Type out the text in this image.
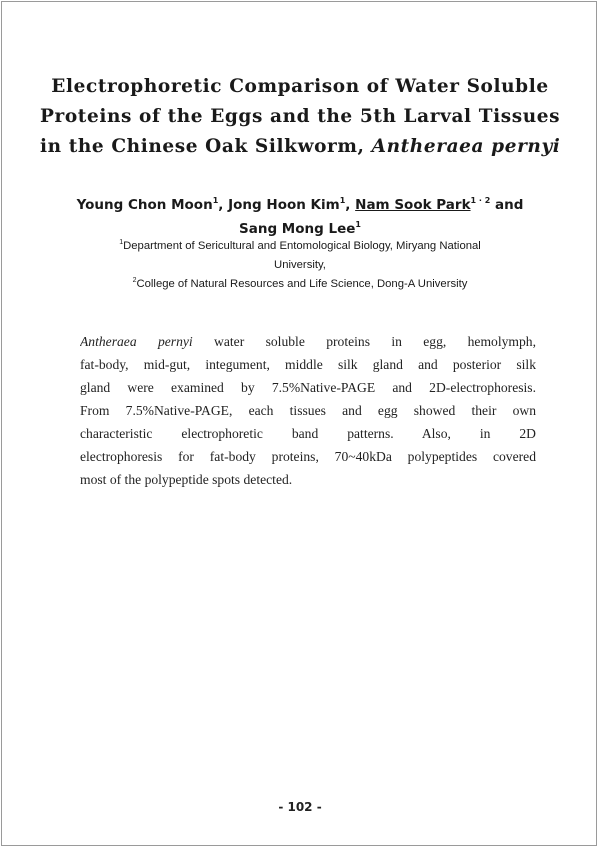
Electrophoretic Comparison of Water Soluble
Proteins of the Eggs and the 5th Larval Tissues
in the Chinese Oak Silkworm, Antheraea pernyi
Young Chon Moon$^1$, Jong Hoon Kim$^1$, Nam Sook Park$^{1 \cdot 2}$ and
Sang Mong Lee$^1$
$^1$Department of Sericultural and Entomological Biology, Miryang National
University,
$^2$College of Natural Resources and Life Science, Dong-A University
Antheraea pernyi water soluble proteins in egg, hemolymph,
fat-body, mid-gut, integument, middle silk gland and posterior silk
gland were examined by 7.5%Native-PAGE and 2D-electrophoresis.
From 7.5%Native-PAGE, each tissues and egg showed their own
characteristic electrophoretic band patterns. Also, in 2D
electrophoresis for fat-body proteins, 70~40kDa polypeptides covered
most of the polypeptide spots detected.
- 102 -
